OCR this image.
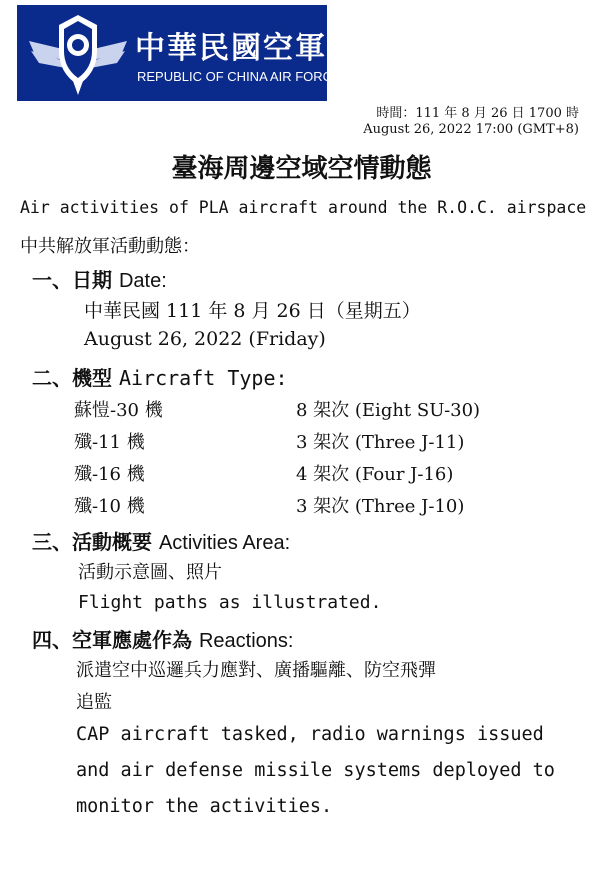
中華民國空軍
REPUBLIC OF CHINA AIR FORCE
時間：111 年 8 月 26 日 1700 時
August 26, 2022 17:00 (GMT+8)
臺海周邊空域空情動態
Air activities of PLA aircraft around the R.O.C. airspace
中共解放軍活動動態：
一、日期 Date:
中華民國 111 年 8 月 26 日（星期五）
August 26, 2022 (Friday)
二、機型 Aircraft Type:
蘇愷-30 機	8 架次 (Eight SU-30)
殲-11 機	3 架次 (Three J-11)
殲-16 機	4 架次 (Four J-16)
殲-10 機	3 架次 (Three J-10)
三、活動概要 Activities Area:
活動示意圖、照片
Flight paths as illustrated.
四、空軍應處作為 Reactions:
派遣空中巡邏兵力應對、廣播驅離、防空飛彈
追監
CAP aircraft tasked, radio warnings issued
and air defense missile systems deployed to
monitor the activities.
